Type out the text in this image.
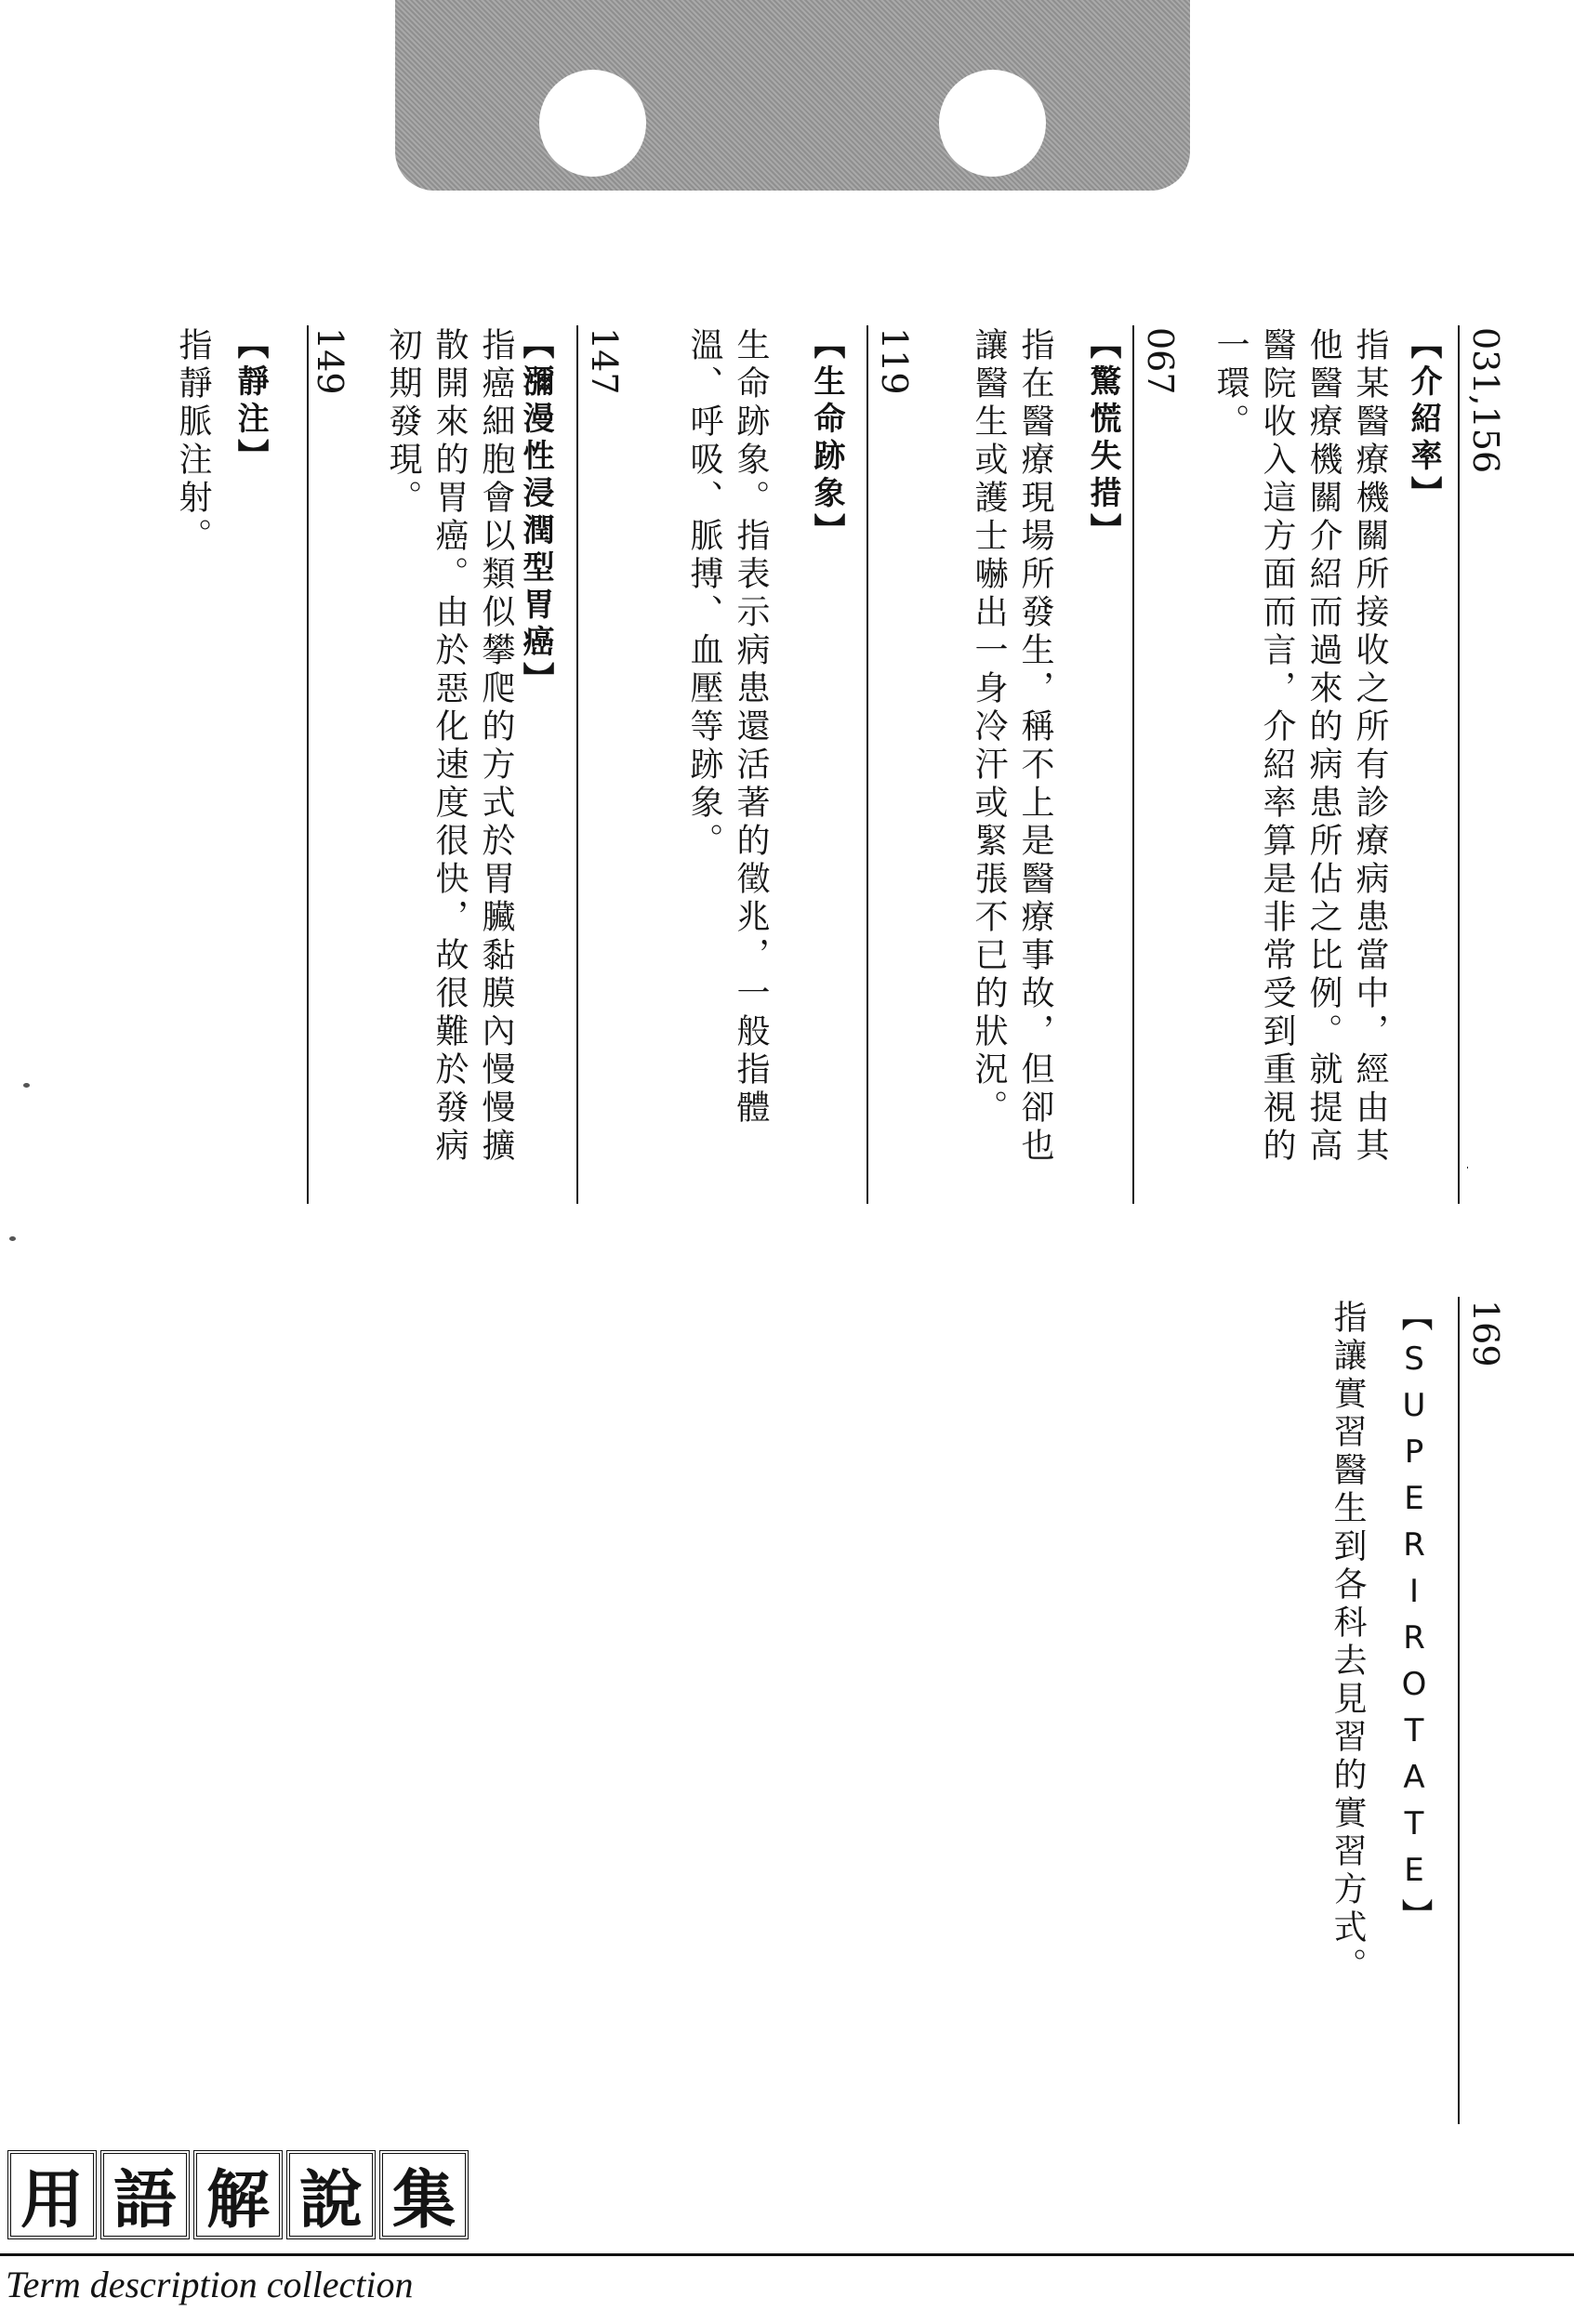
031,156

【介紹率】

指某醫療機關所接收之所有診療病患當中，經由其他醫療機關介紹而過來的病患所佔之比例。就提高醫院收入這方面而言，介紹率算是非常受到重視的一環。

067

【驚慌失措】

指在醫療現場所發生，稱不上是醫療事故，但卻也讓醫生或護士嚇出一身冷汗或緊張不已的狀況。

119

【生命跡象】

生命跡象。指表示病患還活著的徵兆，一般指體溫、呼吸、脈搏、血壓等跡象。

147

【瀰漫性浸潤型胃癌】

指癌細胞會以類似攀爬的方式於胃臟黏膜內慢慢擴散開來的胃癌。由於惡化速度很快，故很難於發病初期發現。

149

【靜注】

指靜脈注射。

169

【SUPERIROTATE】

指讓實習醫生到各科去見習的實習方式。

用 語 解 說 集
Term description collection
